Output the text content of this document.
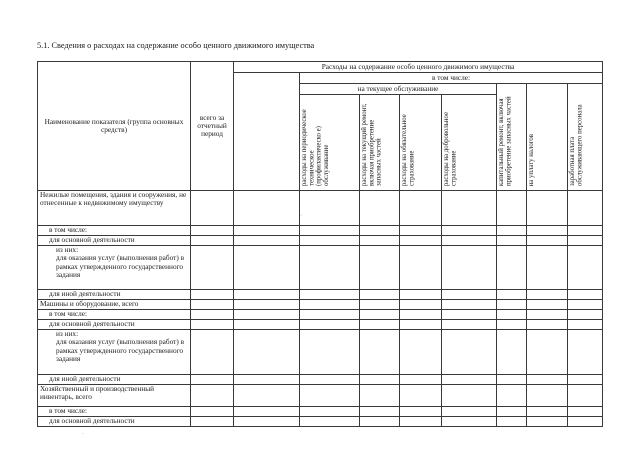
5.1. Сведения о расходах на содержание особо ценного движимого имущества
Наименование показателя (группа основных средств)	всего за отчетный период	Расходы на содержание особо ценного движимого имущества								
			в том числе:							
			на текущее обслуживание							
			расходы на периодическое техническое (профилактическо е) обслуживание	расходы на текущий ремонт, включая приобретение запасных частей	расходы на обязательное страхование	расходы на добровольное страхование	капитальный ремонт, включая приобретение запасных частей	на уплату налогов	заработная плата обслуживающего персонала	
Нежилые помещения, здания и сооружения, не отнесенные к недвижимому имуществу										
в том числе:										
для основной деятельности										
из них:
для оказания услуг (выполнения работ) в рамках утвержденного государственного задания										
для иной деятельности										
Машины и оборудование, всего										
в том числе:										
для основной деятельности										
из них:
для оказания услуг (выполнения работ) в рамках утвержденного государственного задания										
для иной деятельности										
Хозяйственный и производственный инвентарь, всего										
в том числе:										
для основной деятельности										
·
.
